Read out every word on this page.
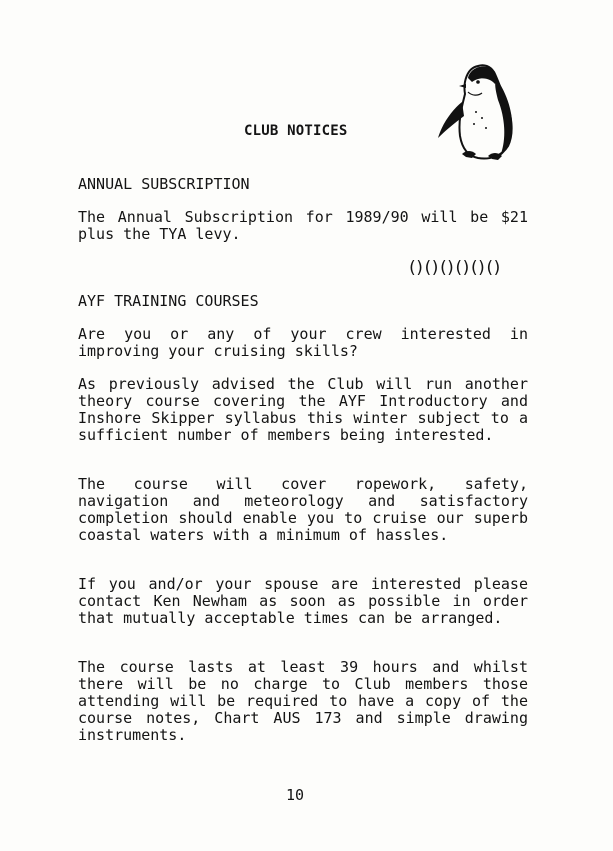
CLUB NOTICES
ANNUAL SUBSCRIPTION
The Annual Subscription for 1989/90 will be $21 plus the TYA levy.
()()()()()()
AYF TRAINING COURSES
Are you or any of your crew interested in improving your cruising skills?
As previously advised the Club will run another theory course covering the AYF Introductory and Inshore Skipper syllabus this winter subject to a sufficient number of members being interested.
The course will cover ropework, safety, navigation and meteorology and satisfactory completion should enable you to cruise our superb coastal waters with a minimum of hassles.
If you and/or your spouse are interested please contact Ken Newham as soon as possible in order that mutually acceptable times can be arranged.
The course lasts at least 39 hours and whilst there will be no charge to Club members those attending will be required to have a copy of the course notes, Chart AUS 173 and simple drawing instruments.
10
